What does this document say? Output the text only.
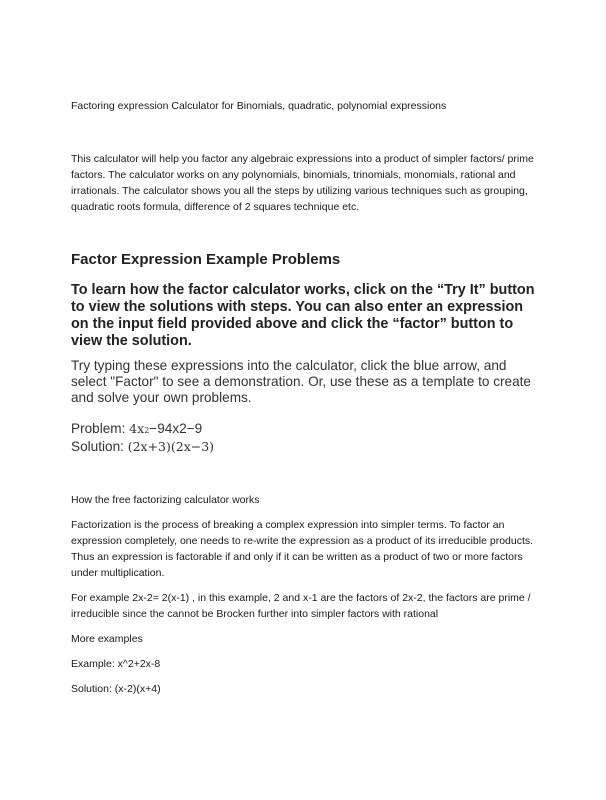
Factoring expression Calculator for Binomials, quadratic, polynomial expressions

This calculator will help you factor any algebraic expressions into a product of simpler factors/ prime factors. The calculator works on any polynomials, binomials, trinomials, monomials, rational and irrationals. The calculator shows you all the steps by utilizing various techniques such as grouping, quadratic roots formula, difference of 2 squares technique etc.

Factor Expression Example Problems
To learn how the factor calculator works, click on the “Try It” button to view the solutions with steps. You can also enter an expression on the input field provided above and click the “factor” button to view the solution.

Try typing these expressions into the calculator, click the blue arrow, and select "Factor" to see a demonstration. Or, use these as a template to create and solve your own problems.

Problem: 4x2−94x2−9
Solution: (2x+3)(2x−3)

How the free factorizing calculator works

Factorization is the process of breaking a complex expression into simpler terms. To factor an expression completely, one needs to re-write the expression as a product of its irreducible products. Thus an expression is factorable if and only if it can be written as a product of two or more factors under multiplication.

For example 2x-2= 2(x-1) , in this example, 2 and x-1 are the factors of 2x-2, the factors are prime / irreducible since the cannot be Brocken further into simpler factors with rational

More examples

Example: x^2+2x-8

Solution: (x-2)(x+4)
